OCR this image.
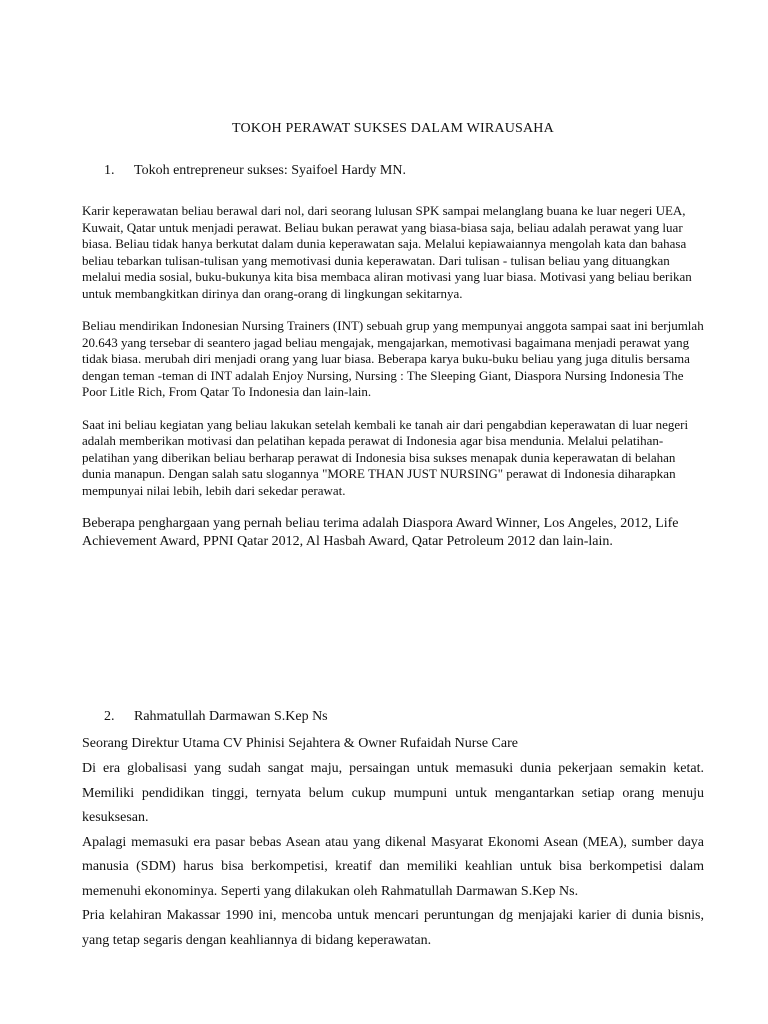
TOKOH PERAWAT SUKSES DALAM WIRAUSAHA
1.	Tokoh entrepreneur sukses: Syaifoel Hardy MN.

Karir keperawatan beliau berawal dari nol, dari seorang lulusan SPK sampai melanglang buana ke luar negeri UEA, Kuwait, Qatar untuk menjadi perawat. Beliau bukan perawat yang biasa-biasa saja, beliau adalah perawat yang luar biasa. Beliau tidak hanya berkutat dalam dunia keperawatan saja. Melalui kepiawaiannya mengolah kata dan bahasa beliau tebarkan tulisan-tulisan yang memotivasi dunia keperawatan. Dari tulisan - tulisan beliau yang dituangkan melalui media sosial, buku-bukunya kita bisa membaca aliran motivasi yang luar biasa. Motivasi yang beliau berikan untuk membangkitkan dirinya dan orang-orang di lingkungan sekitarnya.

Beliau mendirikan Indonesian Nursing Trainers (INT) sebuah grup yang mempunyai anggota sampai saat ini berjumlah 20.643 yang tersebar di seantero jagad beliau mengajak, mengajarkan, memotivasi bagaimana menjadi perawat yang tidak biasa. merubah diri menjadi orang yang luar biasa. Beberapa karya buku-buku beliau yang juga ditulis bersama dengan teman -teman di INT adalah Enjoy Nursing, Nursing : The Sleeping Giant, Diaspora Nursing Indonesia The Poor Litle Rich, From Qatar To Indonesia dan lain-lain.

Saat ini beliau kegiatan yang beliau lakukan setelah kembali ke tanah air dari pengabdian keperawatan di luar negeri adalah memberikan motivasi dan pelatihan kepada perawat di Indonesia agar bisa mendunia. Melalui pelatihan-pelatihan yang diberikan beliau berharap perawat di Indonesia bisa sukses menapak dunia keperawatan di belahan dunia manapun. Dengan salah satu slogannya "MORE THAN JUST NURSING" perawat di Indonesia diharapkan mempunyai nilai lebih, lebih dari sekedar perawat.

Beberapa penghargaan yang pernah beliau terima adalah Diaspora Award Winner, Los Angeles, 2012, Life Achievement Award, PPNI Qatar 2012, Al Hasbah Award, Qatar Petroleum 2012 dan lain-lain.

2.	Rahmatullah Darmawan S.Kep Ns
Seorang Direktur Utama CV Phinisi Sejahtera & Owner Rufaidah Nurse Care

Di era globalisasi yang sudah sangat maju, persaingan untuk memasuki dunia pekerjaan semakin ketat. Memiliki pendidikan tinggi, ternyata belum cukup mumpuni untuk mengantarkan setiap orang menuju kesuksesan.

Apalagi memasuki era pasar bebas Asean atau yang dikenal Masyarat Ekonomi Asean (MEA), sumber daya manusia (SDM) harus bisa berkompetisi, kreatif dan memiliki keahlian untuk bisa berkompetisi dalam memenuhi ekonominya. Seperti yang dilakukan oleh Rahmatullah Darmawan S.Kep Ns.

Pria kelahiran Makassar 1990 ini, mencoba untuk mencari peruntungan dg menjajaki karier di dunia bisnis, yang tetap segaris dengan keahliannya di bidang keperawatan.
